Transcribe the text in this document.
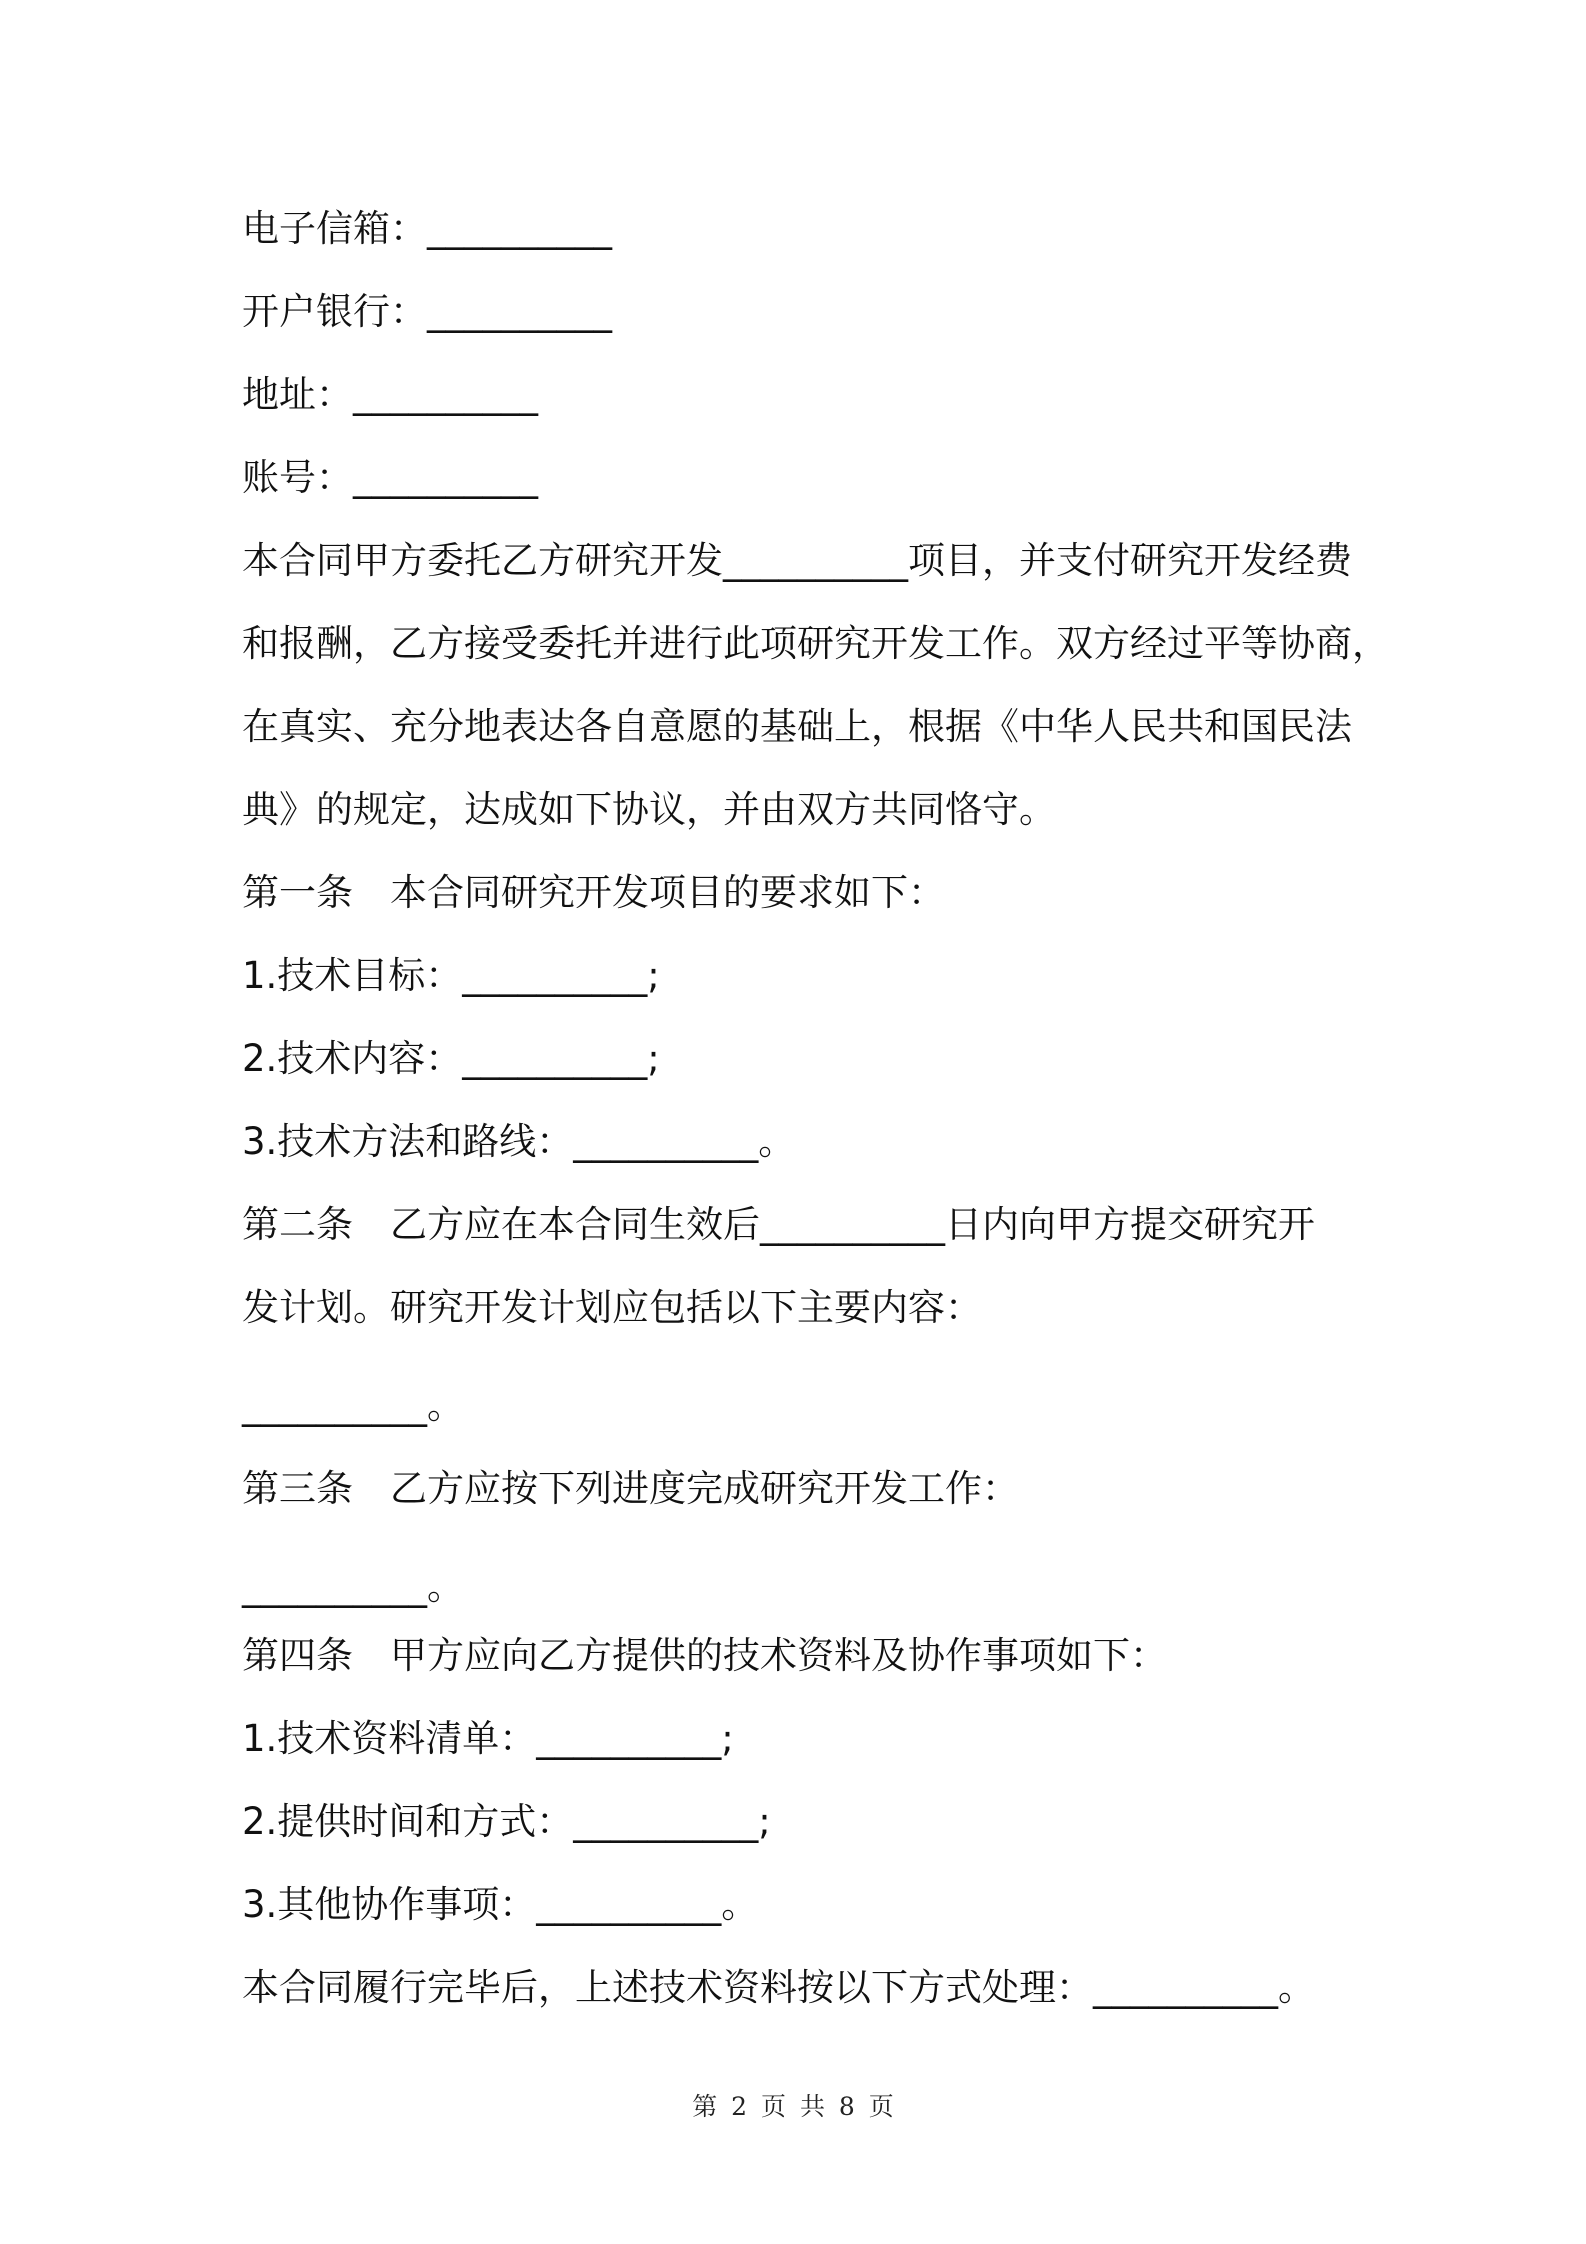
电子信箱：__________
开户银行：__________
地址：__________
账号：__________
本合同甲方委托乙方研究开发__________项目，并支付研究开发经费
和报酬，乙方接受委托并进行此项研究开发工作。双方经过平等协商，
在真实、充分地表达各自意愿的基础上，根据《中华人民共和国民法
典》的规定，达成如下协议，并由双方共同恪守。
第一条　本合同研究开发项目的要求如下：
1.技术目标：__________;
2.技术内容：__________;
3.技术方法和路线：__________。
第二条　乙方应在本合同生效后__________日内向甲方提交研究开
发计划。研究开发计划应包括以下主要内容：
__________。
第三条　乙方应按下列进度完成研究开发工作：
__________。
第四条　甲方应向乙方提供的技术资料及协作事项如下：
1.技术资料清单：__________;
2.提供时间和方式：__________;
3.其他协作事项：__________。
本合同履行完毕后，上述技术资料按以下方式处理：__________。
第 2 页 共 8 页
